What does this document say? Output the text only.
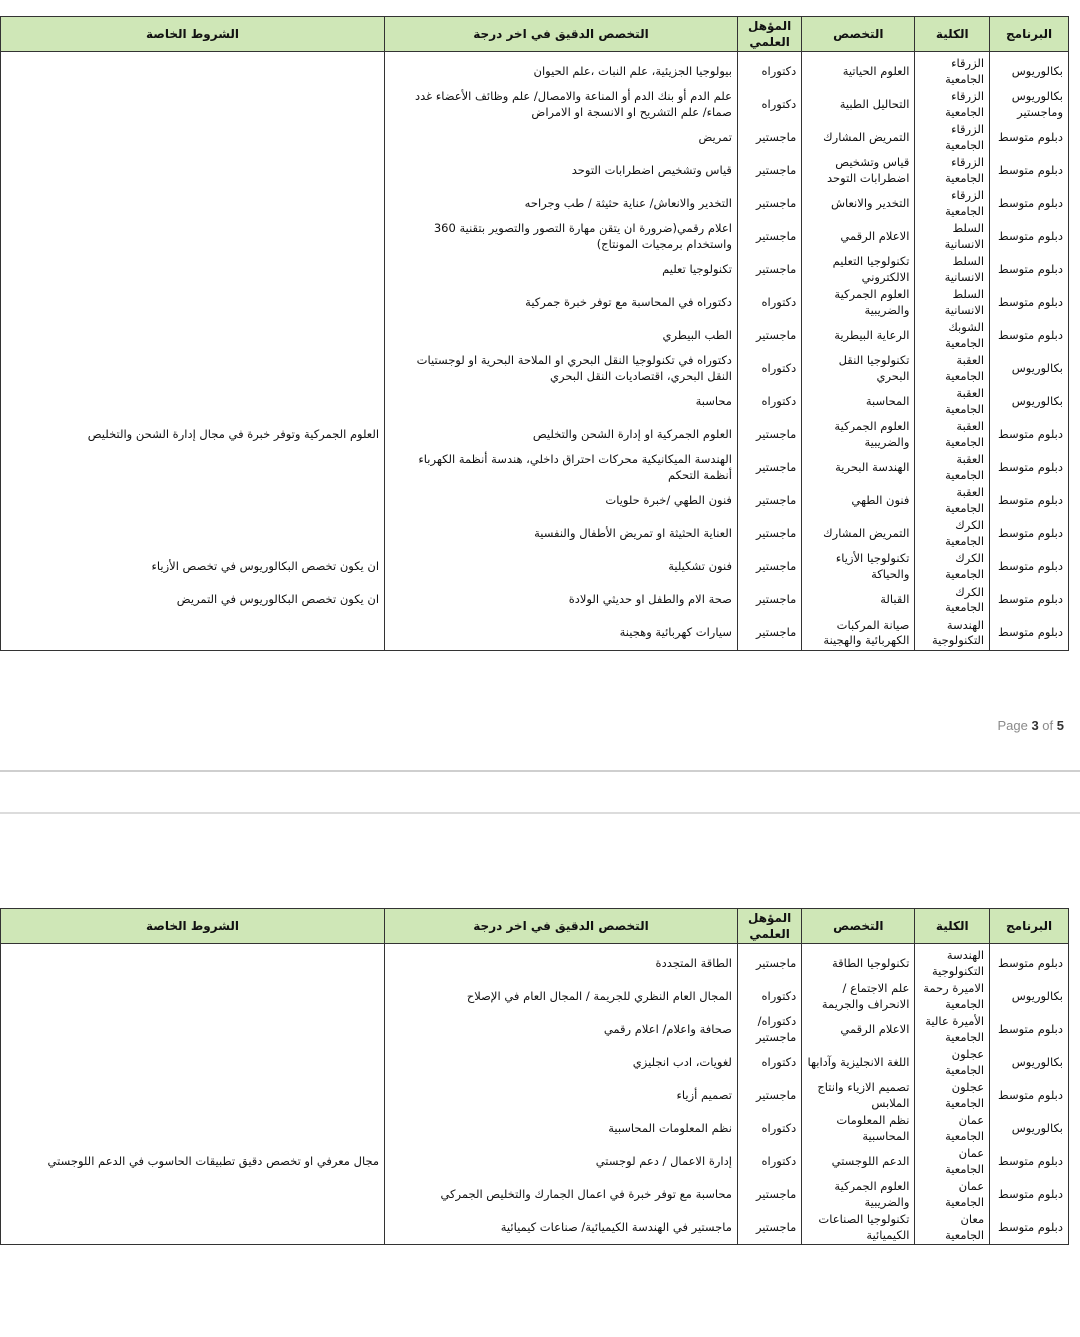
البرنامج	الكلية	التخصص	المؤهل العلمي	التخصص الدقيق في اخر درجة	الشروط الخاصة
بكالوريوس	الزرقاء الجامعية	العلوم الحياتية	دكتوراه	بيولوجيا الجزيئية، علم النبات ،علم الحيوان	
بكالوريوس وماجستير	الزرقاء الجامعية	التحاليل الطبية	دكتوراه	علم الدم أو بنك الدم أو المناعة والامصال/ علم وظائف الأعضاء غدد صماء/ علم التشريح او الانسجة او الامراض	
دبلوم متوسط	الزرقاء الجامعية	التمريض المشارك	ماجستير	تمريض	
دبلوم متوسط	الزرقاء الجامعية	قياس وتشخيص اضطرابات التوحد	ماجستير	قياس وتشخيص اضطرابات التوحد	
دبلوم متوسط	الزرقاء الجامعية	التخدير والانعاش	ماجستير	التخدير والانعاش/ عناية حثيثة / طب وجراحه	
دبلوم متوسط	السلط الانسانية	الاعلام الرقمي	ماجستير	اعلام رقمي(ضرورة ان يتقن مهارة التصور والتصوير بتقنية 360 واستخدام برمجيات المونتاج)	
دبلوم متوسط	السلط الانسانية	تكنولوجيا التعليم الالكتروني	ماجستير	تكنولوجيا تعليم	
دبلوم متوسط	السلط الانسانية	العلوم الجمركية والضريبية	دكتوراه	دكتوراه في المحاسبة مع توفر خبرة جمركية	
دبلوم متوسط	الشوبك الجامعية	الرعاية البيطرية	ماجستير	الطب البيطري	
بكالوريوس	العقبة الجامعية	تكنولوجيا النقل البحري	دكتوراه	دكتوراه في تكنولوجيا النقل البحري او الملاحة البحرية او لوجستيات النقل البحري، اقتصاديات النقل البحري	
بكالوريوس	العقبة الجامعية	المحاسبة	دكتوراه	محاسبة	
دبلوم متوسط	العقبة الجامعية	العلوم الجمركية والضريبية	ماجستير	العلوم الجمركية او إدارة الشحن والتخليص	العلوم الجمركية وتوفر خبرة في مجال إدارة الشحن والتخليص
دبلوم متوسط	العقبة الجامعية	الهندسة البحرية	ماجستير	الهندسة الميكانيكية محركات احتراق داخلي، هندسة أنظمة الكهرباء أنظمة التحكم	
دبلوم متوسط	العقبة الجامعية	فنون الطهي	ماجستير	فنون الطهي /خبرة حلويات	
دبلوم متوسط	الكرك الجامعية	التمريض المشارك	ماجستير	العناية الحثيثة او تمريض الأطفال والنفسية	
دبلوم متوسط	الكرك الجامعية	تكنولوجيا الأزياء والحياكة	ماجستير	فنون تشكيلية	ان يكون تخصص البكالوريوس في تخصص الأزياء
دبلوم متوسط	الكرك الجامعية	القبالة	ماجستير	صحة الام والطفل او حديثي الولادة	ان يكون تخصص البكالوريوس في التمريض
دبلوم متوسط	الهندسة التكنولوجية	صيانة المركبات الكهربائية والهجينة	ماجستير	سيارات كهربائية وهجينة	
Page 3 of 5
البرنامج	الكلية	التخصص	المؤهل العلمي	التخصص الدقيق في اخر درجة	الشروط الخاصة
دبلوم متوسط	الهندسة التكنولوجية	تكنولوجيا الطاقة	ماجستير	الطاقة المتجددة	
بكالوريوس	الاميرة رحمة الجامعية	علم الاجتماع / الانحراف والجريمة	دكتوراه	المجال العام النظري للجريمة / المجال العام في الإصلاح	
دبلوم متوسط	الأميرة عالية الجامعية	الاعلام الرقمي	دكتوراه/ ماجستير	صحافة واعلام/ اعلام رقمي	
بكالوريوس	عجلون الجامعية	اللغة الانجليزية وآدابها	دكتوراه	لغويات، ادب انجليزي	
دبلوم متوسط	عجلون الجامعية	تصميم الازياء وانتاج الملابس	ماجستير	تصميم أزياء	
بكالوريوس	عمان الجامعية	نظم المعلومات المحاسبية	دكتوراه	نظم المعلومات المحاسبية	
دبلوم متوسط	عمان الجامعية	الدعم اللوجستي	دكتوراه	إدارة الاعمال / دعم لوجستي	مجال معرفي او تخصص دقيق تطبيقات الحاسوب في الدعم اللوجستي
دبلوم متوسط	عمان الجامعية	العلوم الجمركية والضريبية	ماجستير	محاسبة مع توفر خبرة في اعمال الجمارك والتخليص الجمركي	
دبلوم متوسط	معان الجامعية	تكنولوجيا الصناعات الكيميائية	ماجستير	ماجستير في الهندسة الكيميائية/ صناعات كيميائية	
